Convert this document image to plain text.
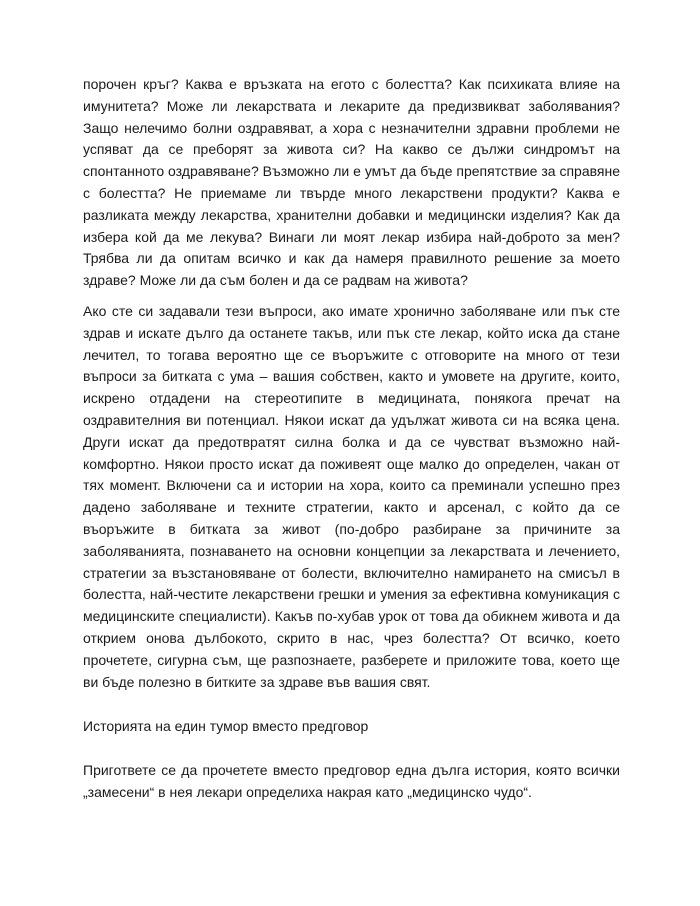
порочен кръг? Каква е връзката на егото с болестта? Как психиката влияе на имунитета? Може ли лекарствата и лекарите да предизвикват заболявания? Защо нелечимо болни оздравяват, а хора с незначителни здравни проблеми не успяват да се преборят за живота си? На какво се дължи синдромът на спонтанното оздравяване? Възможно ли е умът да бъде препятствие за справяне с болестта? Не приемаме ли твърде много лекарствени продукти? Каква е разликата между лекарства, хранителни добавки и медицински изделия? Как да избера кой да ме лекува? Винаги ли моят лекар избира най-доброто за мен? Трябва ли да опитам всичко и как да намеря правилното решение за моето здраве? Може ли да съм болен и да се радвам на живота?

Ако сте си задавали тези въпроси, ако имате хронично заболяване или пък сте здрав и искате дълго да останете такъв, или пък сте лекар, който иска да стане лечител, то тогава вероятно ще се въоръжите с отговорите на много от тези въпроси за битката с ума – вашия собствен, както и умовете на другите, които, искрено отдадени на стереотипите в медицината, понякога пречат на оздравителния ви потенциал. Някои искат да удължат живота си на всяка цена. Други искат да предотвратят силна болка и да се чувстват възможно най-комфортно. Някои просто искат да поживеят още малко до определен, чакан от тях момент. Включени са и истории на хора, които са преминали успешно през дадено заболяване и техните стратегии, както и арсенал, с който да се въоръжите в битката за живот (по-добро разбиране за причините за заболяванията, познаването на основни концепции за лекарствата и лечението, стратегии за възстановяване от болести, включително намирането на смисъл в болестта, най-честите лекарствени грешки и умения за ефективна комуникация с медицинските специалисти). Какъв по-хубав урок от това да обикнем живота и да открием онова дълбокото, скрито в нас, чрез болестта? От всичко, което прочетете, сигурна съм, ще разпознаете, разберете и приложите това, което ще ви бъде полезно в битките за здраве във вашия свят.

Историята на един тумор вместо предговор

Пригответе се да прочетете вместо предговор една дълга история, която всички „замесени“ в нея лекари определиха накрая като „медицинско чудо“.
